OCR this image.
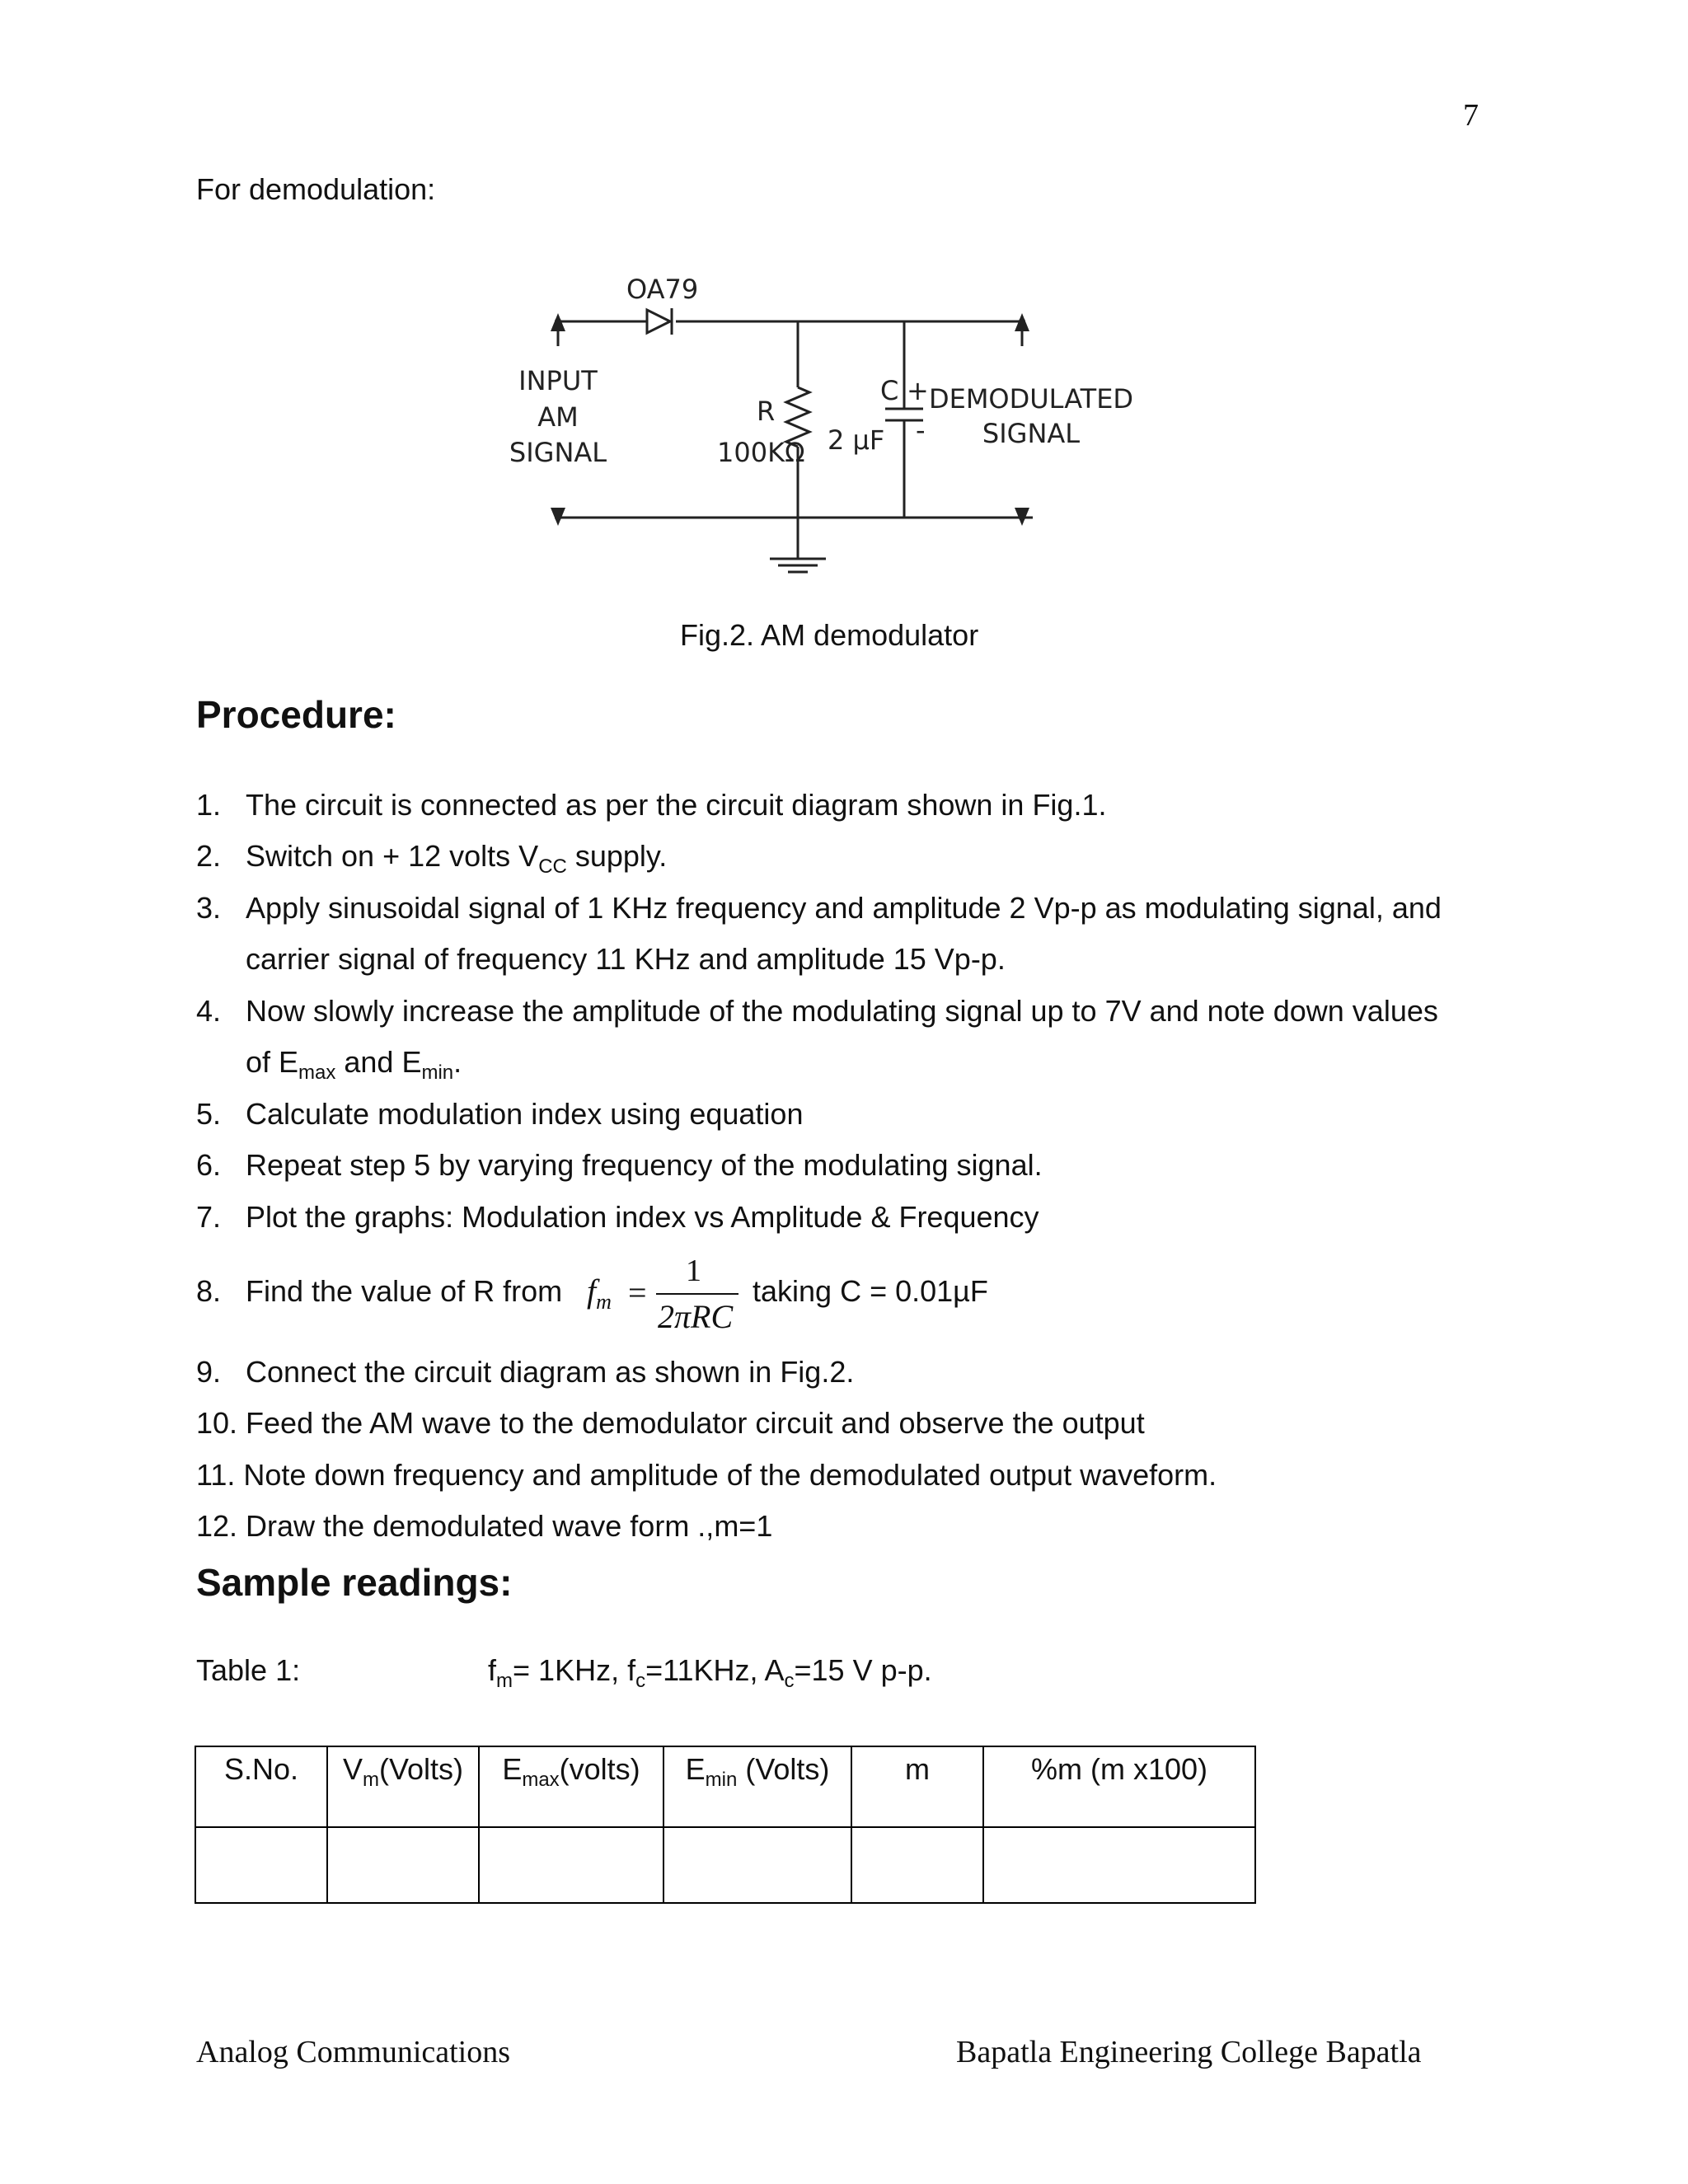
7
For demodulation:
OA79
INPUT
AM
SIGNAL
R
100KΩ
C
2 µF
+
-
DEMODULATED
SIGNAL
Fig.2. AM demodulator
Procedure:
1. The circuit is connected as per the circuit diagram shown in Fig.1.
2. Switch on + 12 volts $V_{CC}$ supply.
3. Apply sinusoidal signal of 1 KHz frequency and amplitude 2 Vp-p as modulating signal, and
carrier signal of frequency 11 KHz and amplitude 15 Vp-p.
4. Now slowly increase the amplitude of the modulating signal up to 7V and note down values
of $E_{max}$ and $E_{min}$.
5. Calculate modulation index using equation
6. Repeat step 5 by varying frequency of the modulating signal.
7. Plot the graphs: Modulation index vs Amplitude & Frequency
8. Find the value of R from $f_m$ =
1
2πRC
taking C = 0.01µF
9. Connect the circuit diagram as shown in Fig.2.
10. Feed the AM wave to the demodulator circuit and observe the output
11. Note down frequency and amplitude of the demodulated output waveform.
12. Draw the demodulated wave form .,m=1
Sample readings:
Table 1:	$f_m= 1KHz$, $f_c=11KHz$, $A_c=15$ V p-p.
S.No.	$V_m(Volts)$	$E_{max}(volts)$	$E_{min}$ (Volts)	m	%m (m x100)

Analog Communications	Bapatla Engineering College Bapatla
